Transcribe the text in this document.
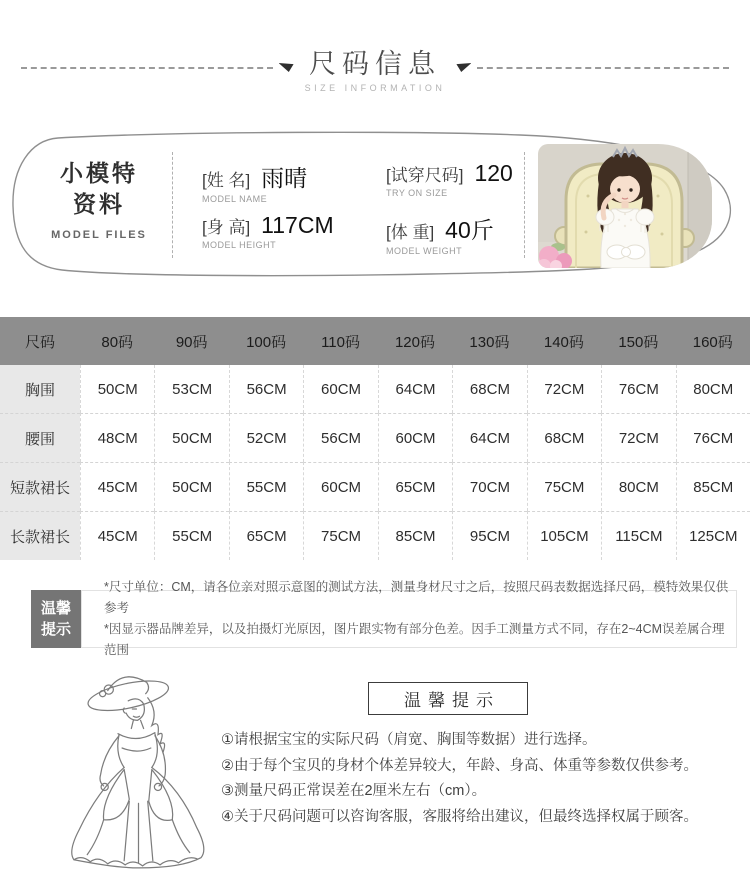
尺码信息
SIZE INFORMATION
小模特
资料
MODEL FILES
[姓 名] 雨晴
MODEL NAME
[身 高] 117CM
MODEL HEIGHT
[试穿尺码] 120
TRY ON SIZE
[体 重] 40斤
MODEL WEIGHT
尺码	80码	90码	100码	110码	120码	130码	140码	150码	160码
胸围	50CM	53CM	56CM	60CM	64CM	68CM	72CM	76CM	80CM
腰围	48CM	50CM	52CM	56CM	60CM	64CM	68CM	72CM	76CM
短款裙长	45CM	50CM	55CM	60CM	65CM	70CM	75CM	80CM	85CM
长款裙长	45CM	55CM	65CM	75CM	85CM	95CM	105CM	115CM	125CM
温馨
提示
*尺寸单位：CM，请各位亲对照示意图的测试方法，测量身材尺寸之后，按照尺码表数据选择尺码，模特效果仅供参考
*因显示器品牌差异，以及拍摄灯光原因，图片跟实物有部分色差。因手工测量方式不同，存在2~4CM误差属合理范围
温馨提示
①请根据宝宝的实际尺码（肩宽、胸围等数据）进行选择。
②由于每个宝贝的身材个体差异较大，年龄、身高、体重等参数仅供参考。
③测量尺码正常误差在2厘米左右（cm）。
④关于尺码问题可以咨询客服，客服将给出建议，但最终选择权属于顾客。
